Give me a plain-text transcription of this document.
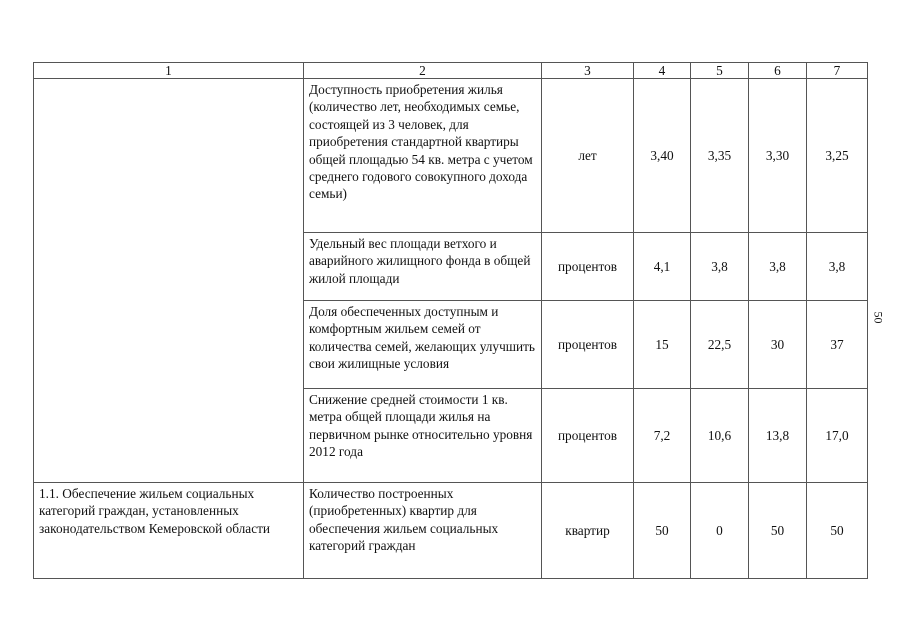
1	2	3	4	5	6	7
	Доступность приобретения жилья (количество лет, необходимых семье, состоящей из 3 человек, для приобретения стандартной квартиры общей площадью 54 кв. метра с учетом среднего годового совокупного дохода семьи)	лет	3,40	3,35	3,30	3,25
	Удельный вес площади ветхого и аварийного жилищного фонда в общей жилой площади	процентов	4,1	3,8	3,8	3,8
	Доля обеспеченных доступным и комфортным жильем семей от количества семей, желающих улучшить свои жилищные условия	процентов	15	22,5	30	37
	Снижение средней стоимости 1 кв. метра общей площади жилья на первичном рынке относительно уровня 2012 года	процентов	7,2	10,6	13,8	17,0
1.1. Обеспечение жильем социальных категорий граждан, установленных законодательством Кемеровской области	Количество построенных (приобретенных) квартир для обеспечения жильем социальных категорий граждан	квартир	50	0	50	50
50
